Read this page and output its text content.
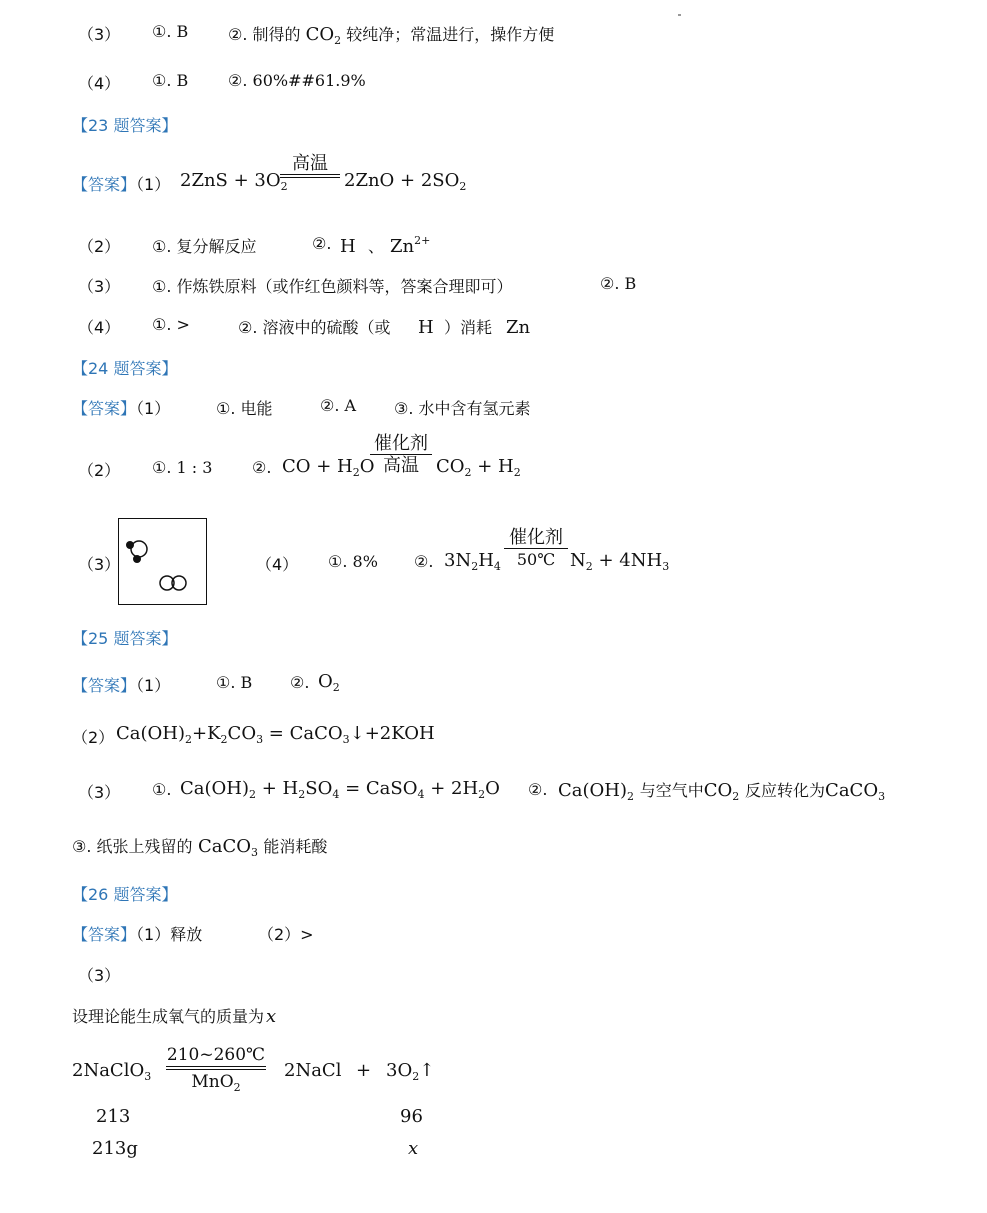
（3） ①. B ②. 制得的 $CO_2$ 较纯净；常温进行，操作方便
（4） ①. B ②. 60%##61.9%
【23 题答案】
【答案】（1） $2ZnS + 3O_2$
高温
$2ZnO + 2SO_2$
（2） ①. 复分解反应	②. H 、 $Zn^{2+}$
（3） ①. 作炼铁原料（或作红色颜料等，答案合理即可）	②. B
（4） ①. >	②. 溶液中的硫酸（或 H ）消耗 Zn
【24 题答案】
【答案】（1）	①. 电能	②. A ③. 水中含有氢元素
（2） ①. 1 : 3 ②. CO + $H_2O$
催化剂
高温 $CO_2 + H_2$
（3）	（4） ①. 8% ②. $3N_2H_4$
催化剂
50℃ $N_2 + 4NH_3$
【25 题答案】
【答案】（1）	①. B ②. $O_2$
（2） $Ca(OH)_2+K_2CO_3$ = CaCO$_3$↓+2KOH
（3） ①. $Ca(OH)_2 + H_2SO_4$ = CaSO$_4$ + $2H_2O$ ②. $Ca(OH)_2$ 与空气中$CO_2$ 反应转化为CaCO$_3$
③. 纸张上残留的 CaCO$_3$ 能消耗酸
【26 题答案】
【答案】（1）释放	（2）>
（3）
设理论能生成氧气的质量为 x
2NaClO$_3$
210~260℃
MnO$_2$
2NaCl + $3O_2↑$
213	96
213g	x
